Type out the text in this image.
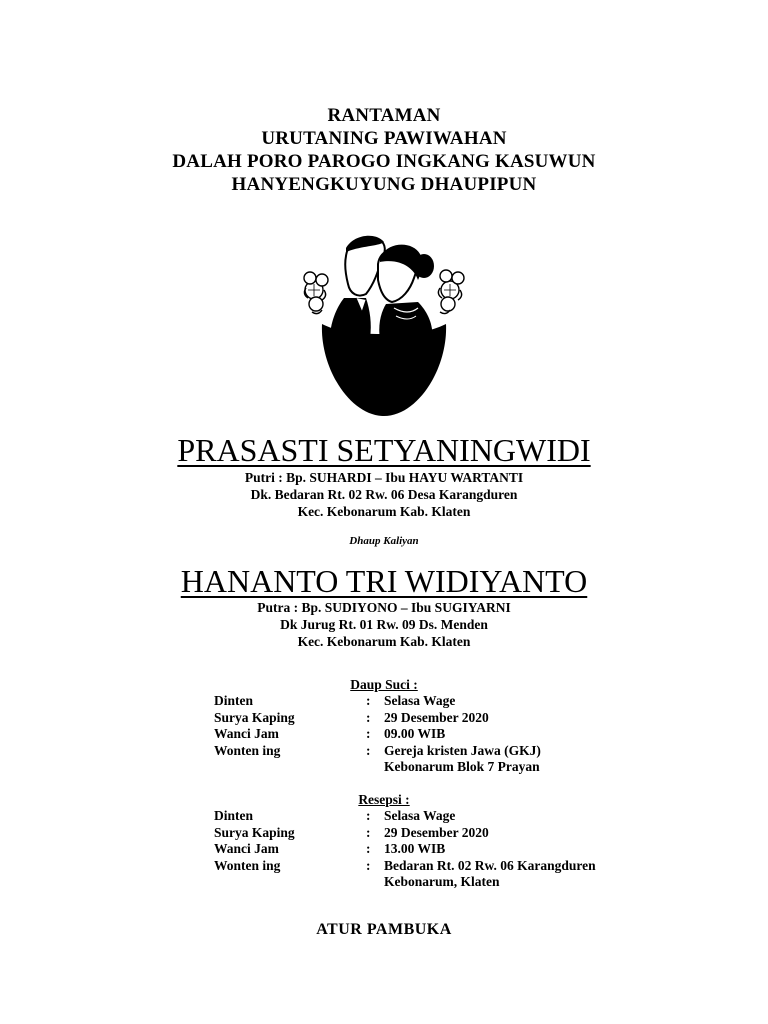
RANTAMAN
URUTANING PAWIWAHAN
DALAH PORO PAROGO INGKANG KASUWUN
HANYENGKUYUNG DHAUPIPUN
PRASASTI SETYANINGWIDI
Putri : Bp. SUHARDI – Ibu HAYU WARTANTI
Dk. Bedaran Rt. 02 Rw. 06 Desa Karangduren
Kec. Kebonarum Kab. Klaten
Dhaup Kaliyan
HANANTO TRI WIDIYANTO
Putra : Bp. SUDIYONO – Ibu SUGIYARNI
Dk Jurug Rt. 01 Rw. 09 Ds. Menden
Kec. Kebonarum Kab. Klaten
Daup Suci :
Dinten	: Selasa Wage
Surya Kaping	: 29 Desember 2020
Wanci Jam	: 09.00 WIB
Wonten ing	: Gereja kristen Jawa (GKJ)
Kebonarum Blok 7 Prayan
Resepsi :
Dinten	: Selasa Wage
Surya Kaping	: 29 Desember 2020
Wanci Jam	: 13.00 WIB
Wonten ing	: Bedaran Rt. 02 Rw. 06 Karangduren
Kebonarum, Klaten
ATUR PAMBUKA
